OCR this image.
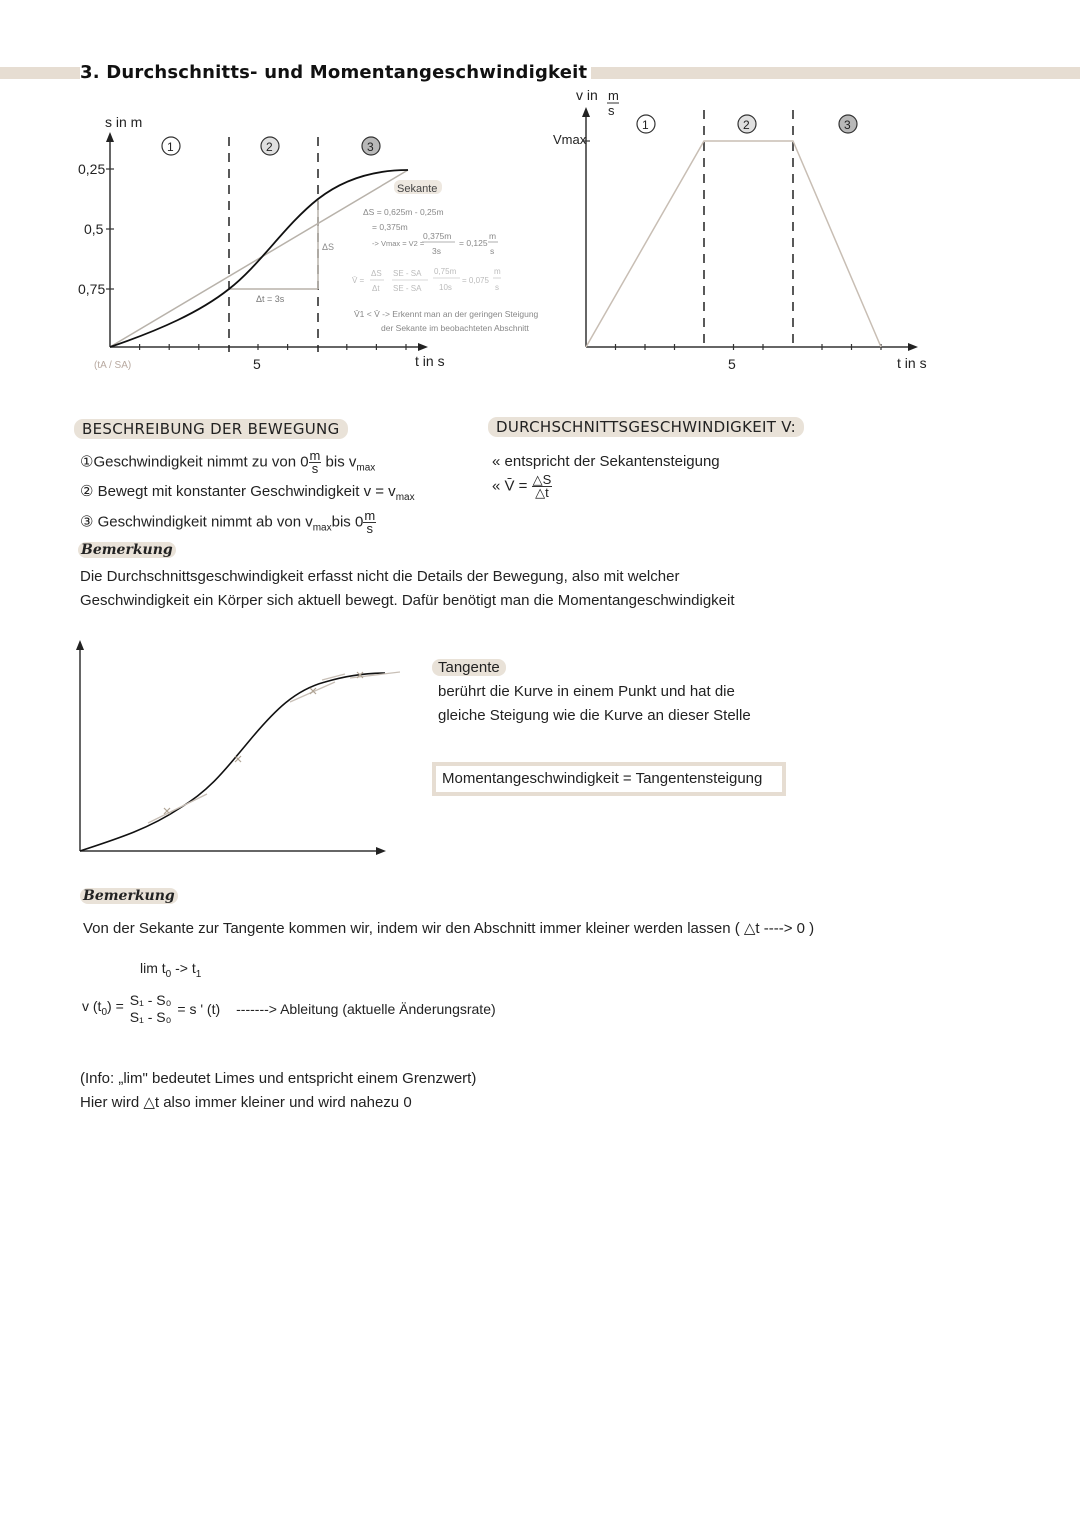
3. Durchschnitts- und Momentangeschwindigkeit
s in m
0,25
0,5
0,75
5	t in s
(tA / SA)
1	2	3
Sekante
ΔS
Δt = 3s
ΔS = 0,625m - 0,25m
= 0,375m
-> Vmax = V2 =
0,375m
3s
= 0,125
m
s
V̄ =
ΔS
Δt
SE - SA
SE - SA
0,75m
10s
= 0,075
m
s
V̄1 < V̄ -> Erkennt man an der geringen Steigung
der Sekante im beobachteten Abschnitt
v in m
s
Vmax
5	t in s
1	2	3
BESCHREIBUNG DER BEWEGUNG
①Geschwindigkeit nimmt zu von $0 \frac{m}{s}$ bis $v_{max}$
② Bewegt mit konstanter Geschwindigkeit $v = v_{max}$
③ Geschwindigkeit nimmt ab von $v_{max}bis$ $0 \frac{m}{s}$
DURCHSCHNITTSGESCHWINDIGKEIT V:
« entspricht der Sekantensteigung
« V̄ = $\frac{\triangle S}{\triangle t}$
Bemerkung
Die Durchschnittsgeschwindigkeit erfasst nicht die Details der Bewegung, also mit welcher
Geschwindigkeit ein Körper sich aktuell bewegt. Dafür benötigt man die Momentangeschwindigkeit
Tangente
berührt die Kurve in einem Punkt und hat die
gleiche Steigung wie die Kurve an dieser Stelle
Momentangeschwindigkeit = Tangentensteigung
Bemerkung
Von der Sekante zur Tangente kommen wir, indem wir den Abschnitt immer kleiner werden lassen ( △t ----> 0 )
$\lim t_0 -> t_1$
v $(t_0) = S_1 - S_0$
S₁ - S₀ = s ' (t) -------> Ableitung (aktuelle Änderungsrate)
(Info: „lim" bedeutet Limes und entspricht einem Grenzwert)
Hier wird △t also immer kleiner und wird nahezu 0
